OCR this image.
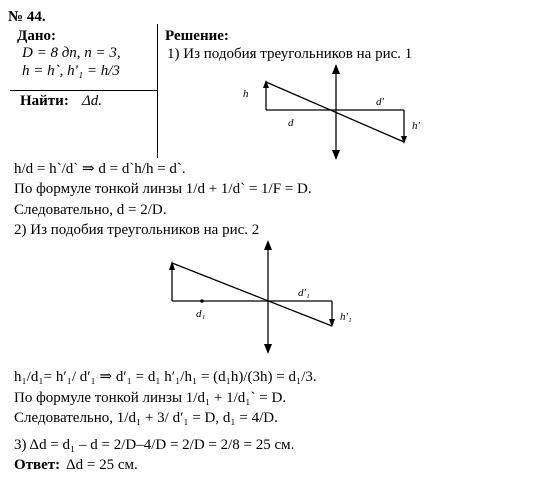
№ 44.
Дано:
D = 8 дп, n = 3,
h = h`, h′₁ = h/3
Найти: Δd.
Решение:
1) Из подобия треугольников на рис. 1
h
d
d′
h′
h/d = h`/d` ⇒ d = d`h/h = d`.
По формуле тонкой линзы 1/d + 1/d` = 1/F = D.
Следовательно, d = 2/D.
2) Из подобия треугольников на рис. 2
d₁
d′₁
h′₁
h₁/d₁= h′₁/ d′₁ ⇒ d′₁ = d₁ h′₁/h₁ = (d₁h)/(3h) = d₁/3.
По формуле тонкой линзы 1/d₁ + 1/d₁` = D.
Следовательно, 1/d₁ + 3/ d′₁ = D, d₁ = 4/D.
3) Δd = d₁ – d = 2/D–4/D = 2/D = 2/8 = 25 см.
Ответ: Δd = 25 см.
